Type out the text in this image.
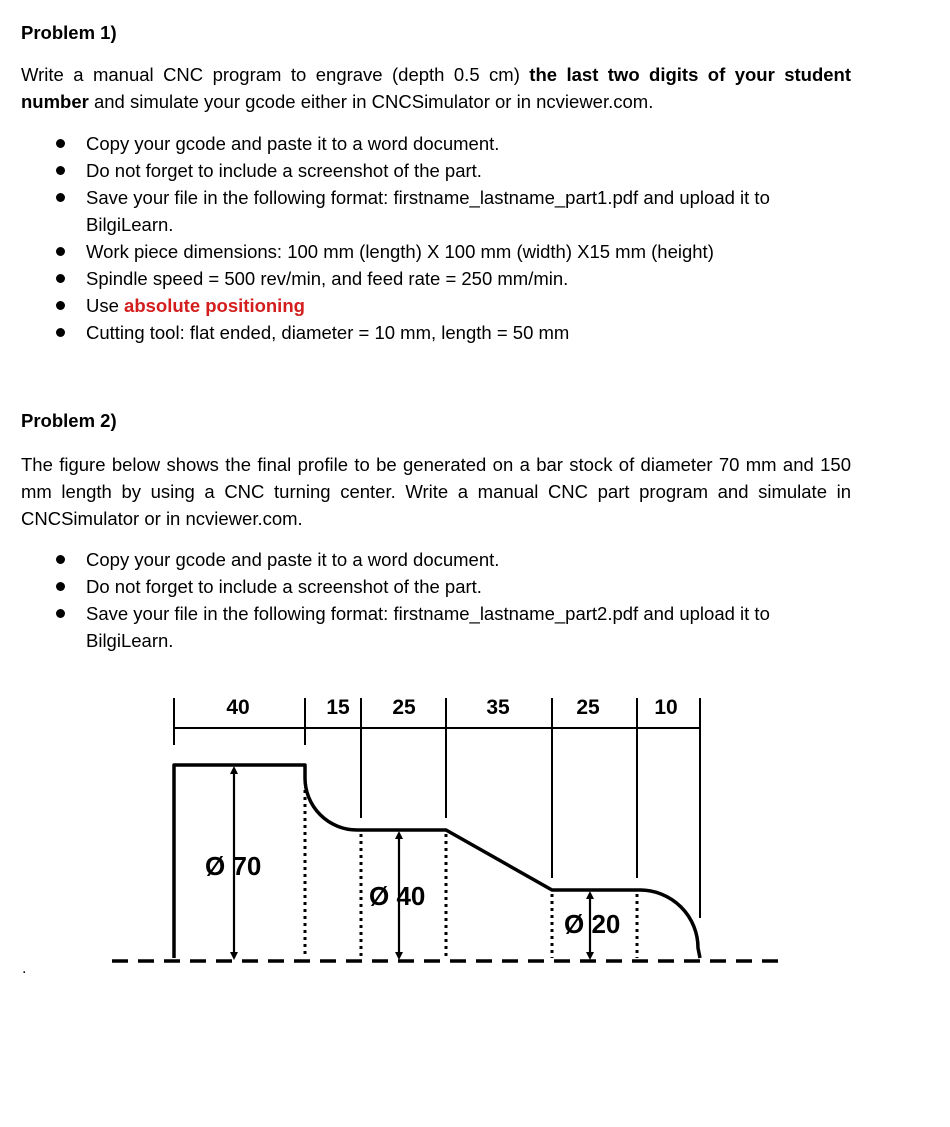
Problem 1)
Write a manual CNC program to engrave (depth 0.5 cm) the last two digits of your student number and simulate your gcode either in CNCSimulator or in ncviewer.com.
Copy your gcode and paste it to a word document.
Do not forget to include a screenshot of the part.
Save your file in the following format: firstname_lastname_part1.pdf and upload it to BilgiLearn.
Work piece dimensions: 100 mm (length) X 100 mm (width) X15 mm (height)
Spindle speed = 500 rev/min, and feed rate = 250 mm/min.
Use absolute positioning
Cutting tool: flat ended, diameter = 10 mm, length = 50 mm
Problem 2)
The figure below shows the final profile to be generated on a bar stock of diameter 70 mm and 150 mm length by using a CNC turning center. Write a manual CNC part program and simulate in CNCSimulator or in ncviewer.com.
Copy your gcode and paste it to a word document.
Do not forget to include a screenshot of the part.
Save your file in the following format: firstname_lastname_part2.pdf and upload it to BilgiLearn.
40	15 25	35	25	10
Ø 70
Ø 40
Ø 20
.
